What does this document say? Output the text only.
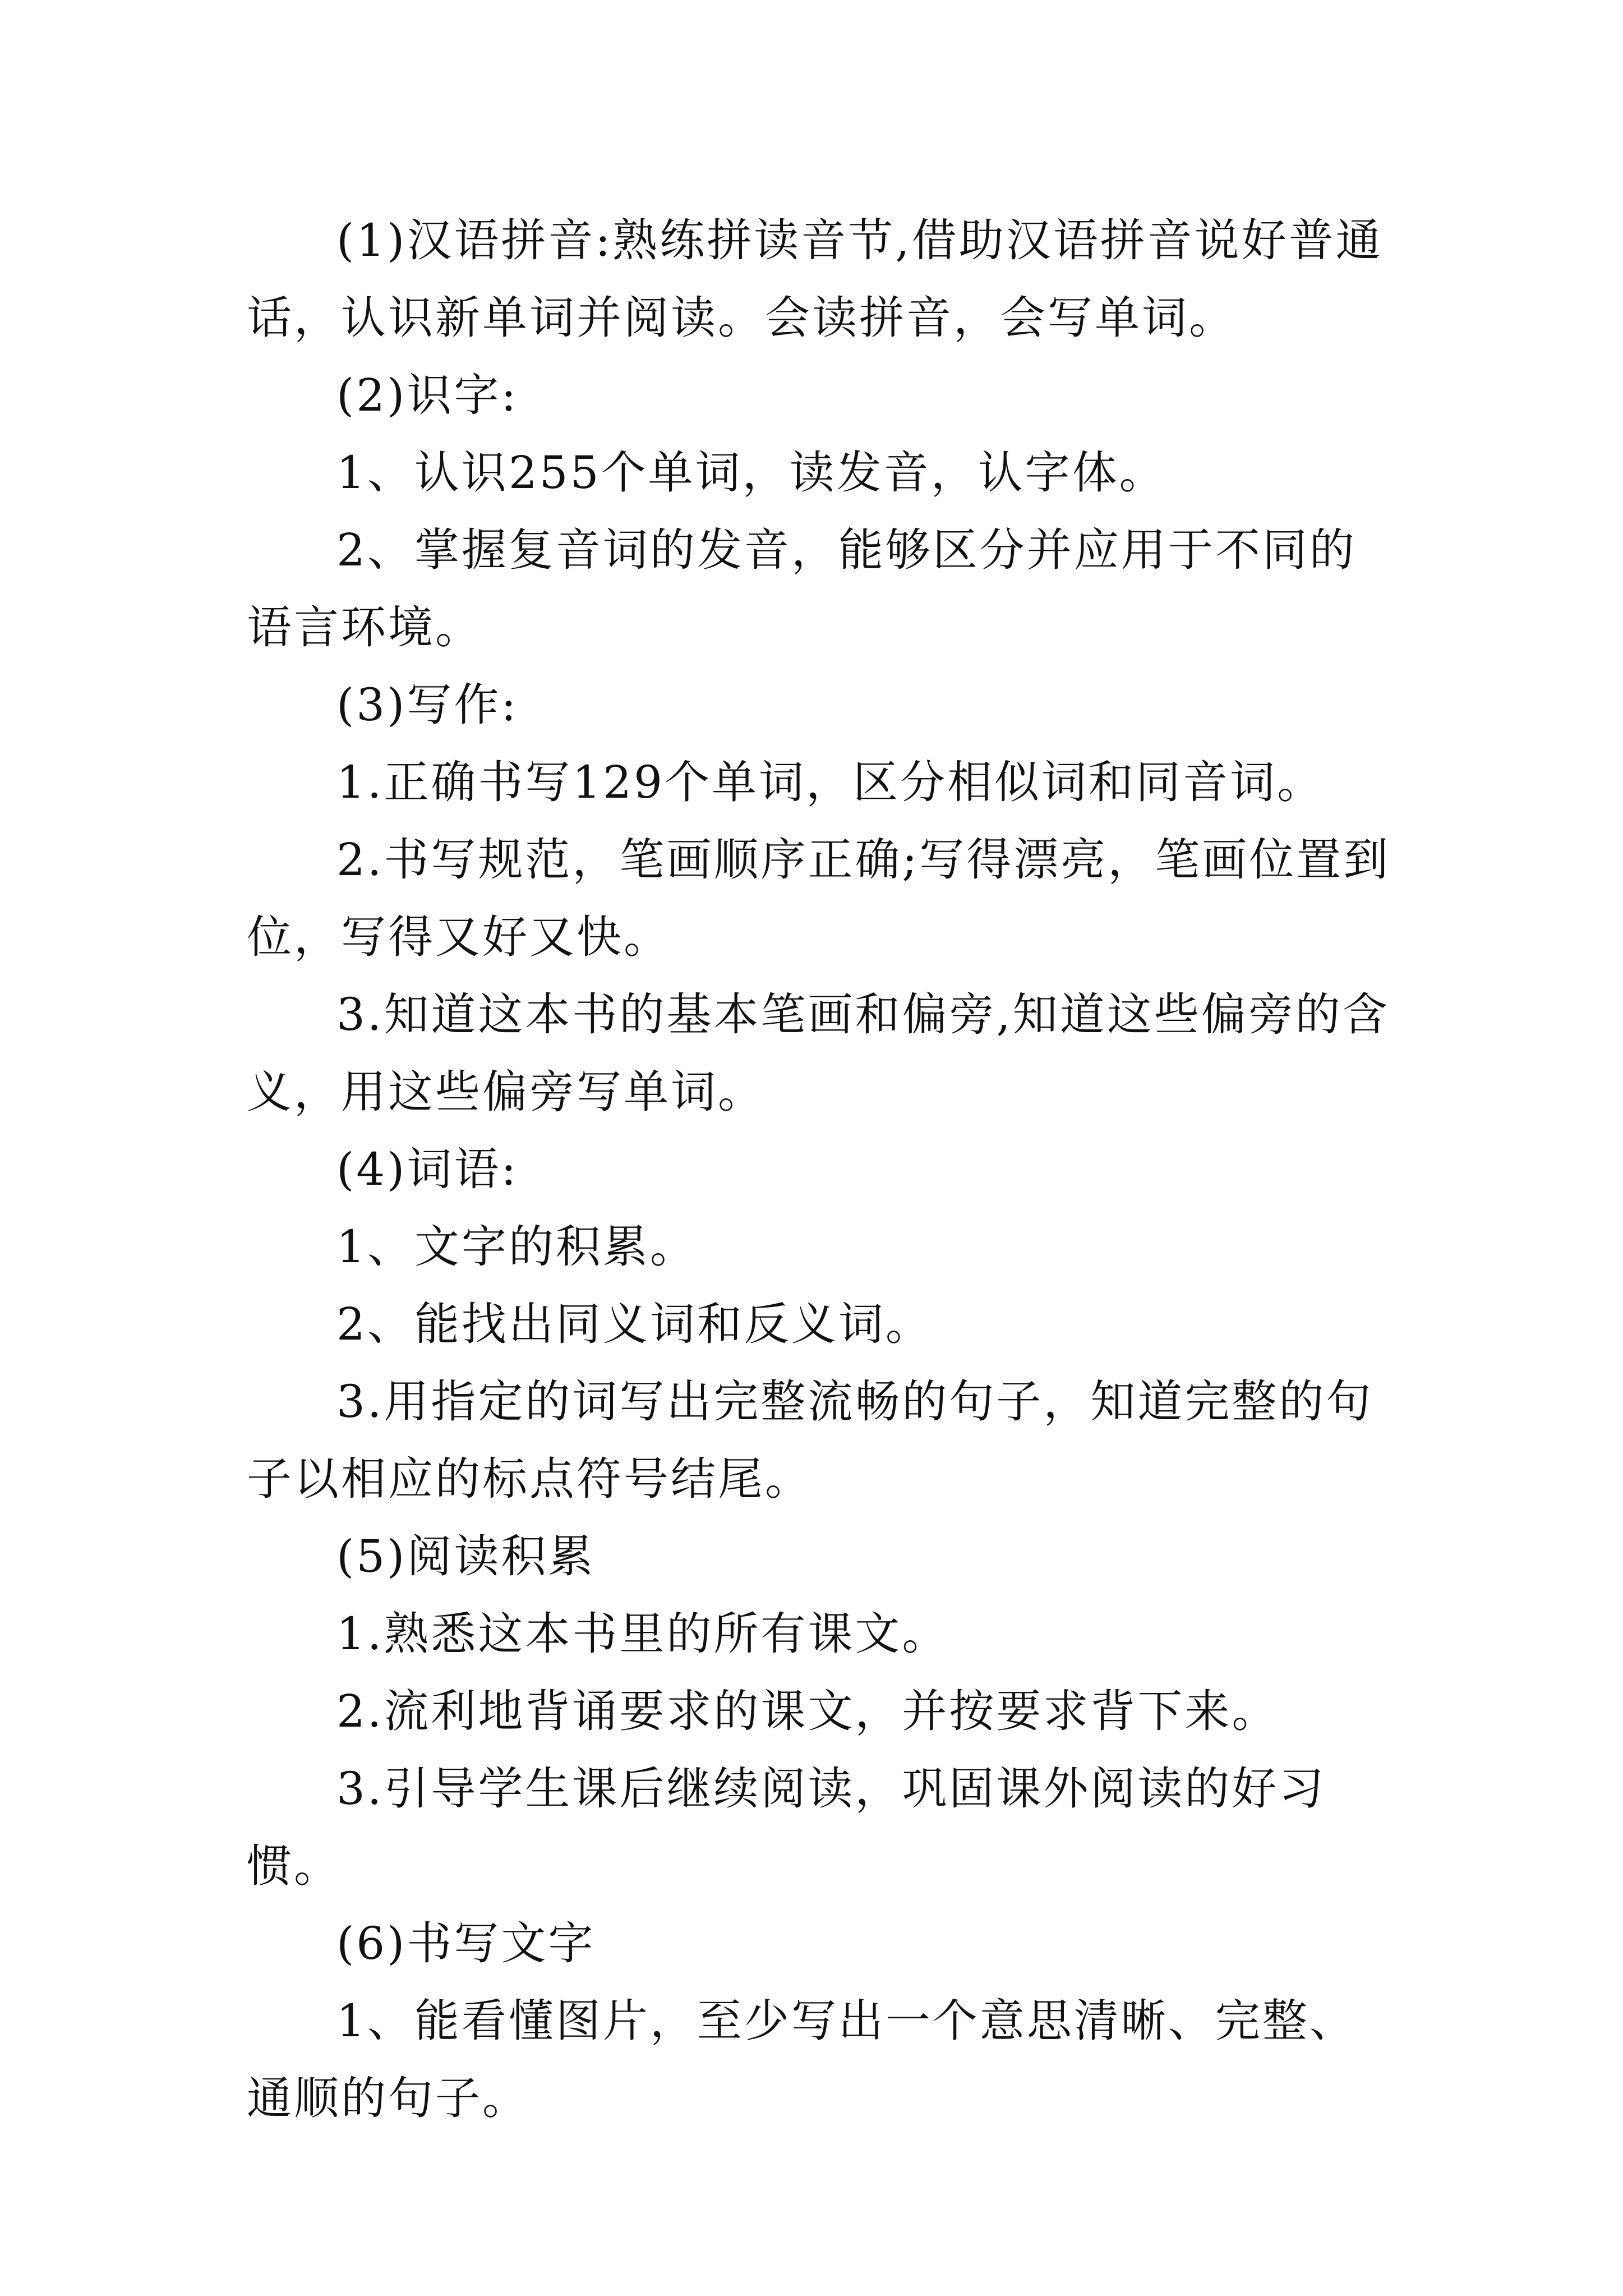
(1)汉语拼音:熟练拼读音节,借助汉语拼音说好普通话，认识新单词并阅读。会读拼音，会写单词。

(2)识字:

1、认识255个单词，读发音，认字体。

2、掌握复音词的发音，能够区分并应用于不同的语言环境。

(3)写作:

1.正确书写129个单词，区分相似词和同音词。

2.书写规范，笔画顺序正确;写得漂亮，笔画位置到位，写得又好又快。

3.知道这本书的基本笔画和偏旁,知道这些偏旁的含义，用这些偏旁写单词。

(4)词语:

1、文字的积累。

2、能找出同义词和反义词。

3.用指定的词写出完整流畅的句子，知道完整的句子以相应的标点符号结尾。

(5)阅读积累

1.熟悉这本书里的所有课文。

2.流利地背诵要求的课文，并按要求背下来。

3.引导学生课后继续阅读，巩固课外阅读的好习惯。

(6)书写文字

1、能看懂图片，至少写出一个意思清晰、完整、通顺的句子。
